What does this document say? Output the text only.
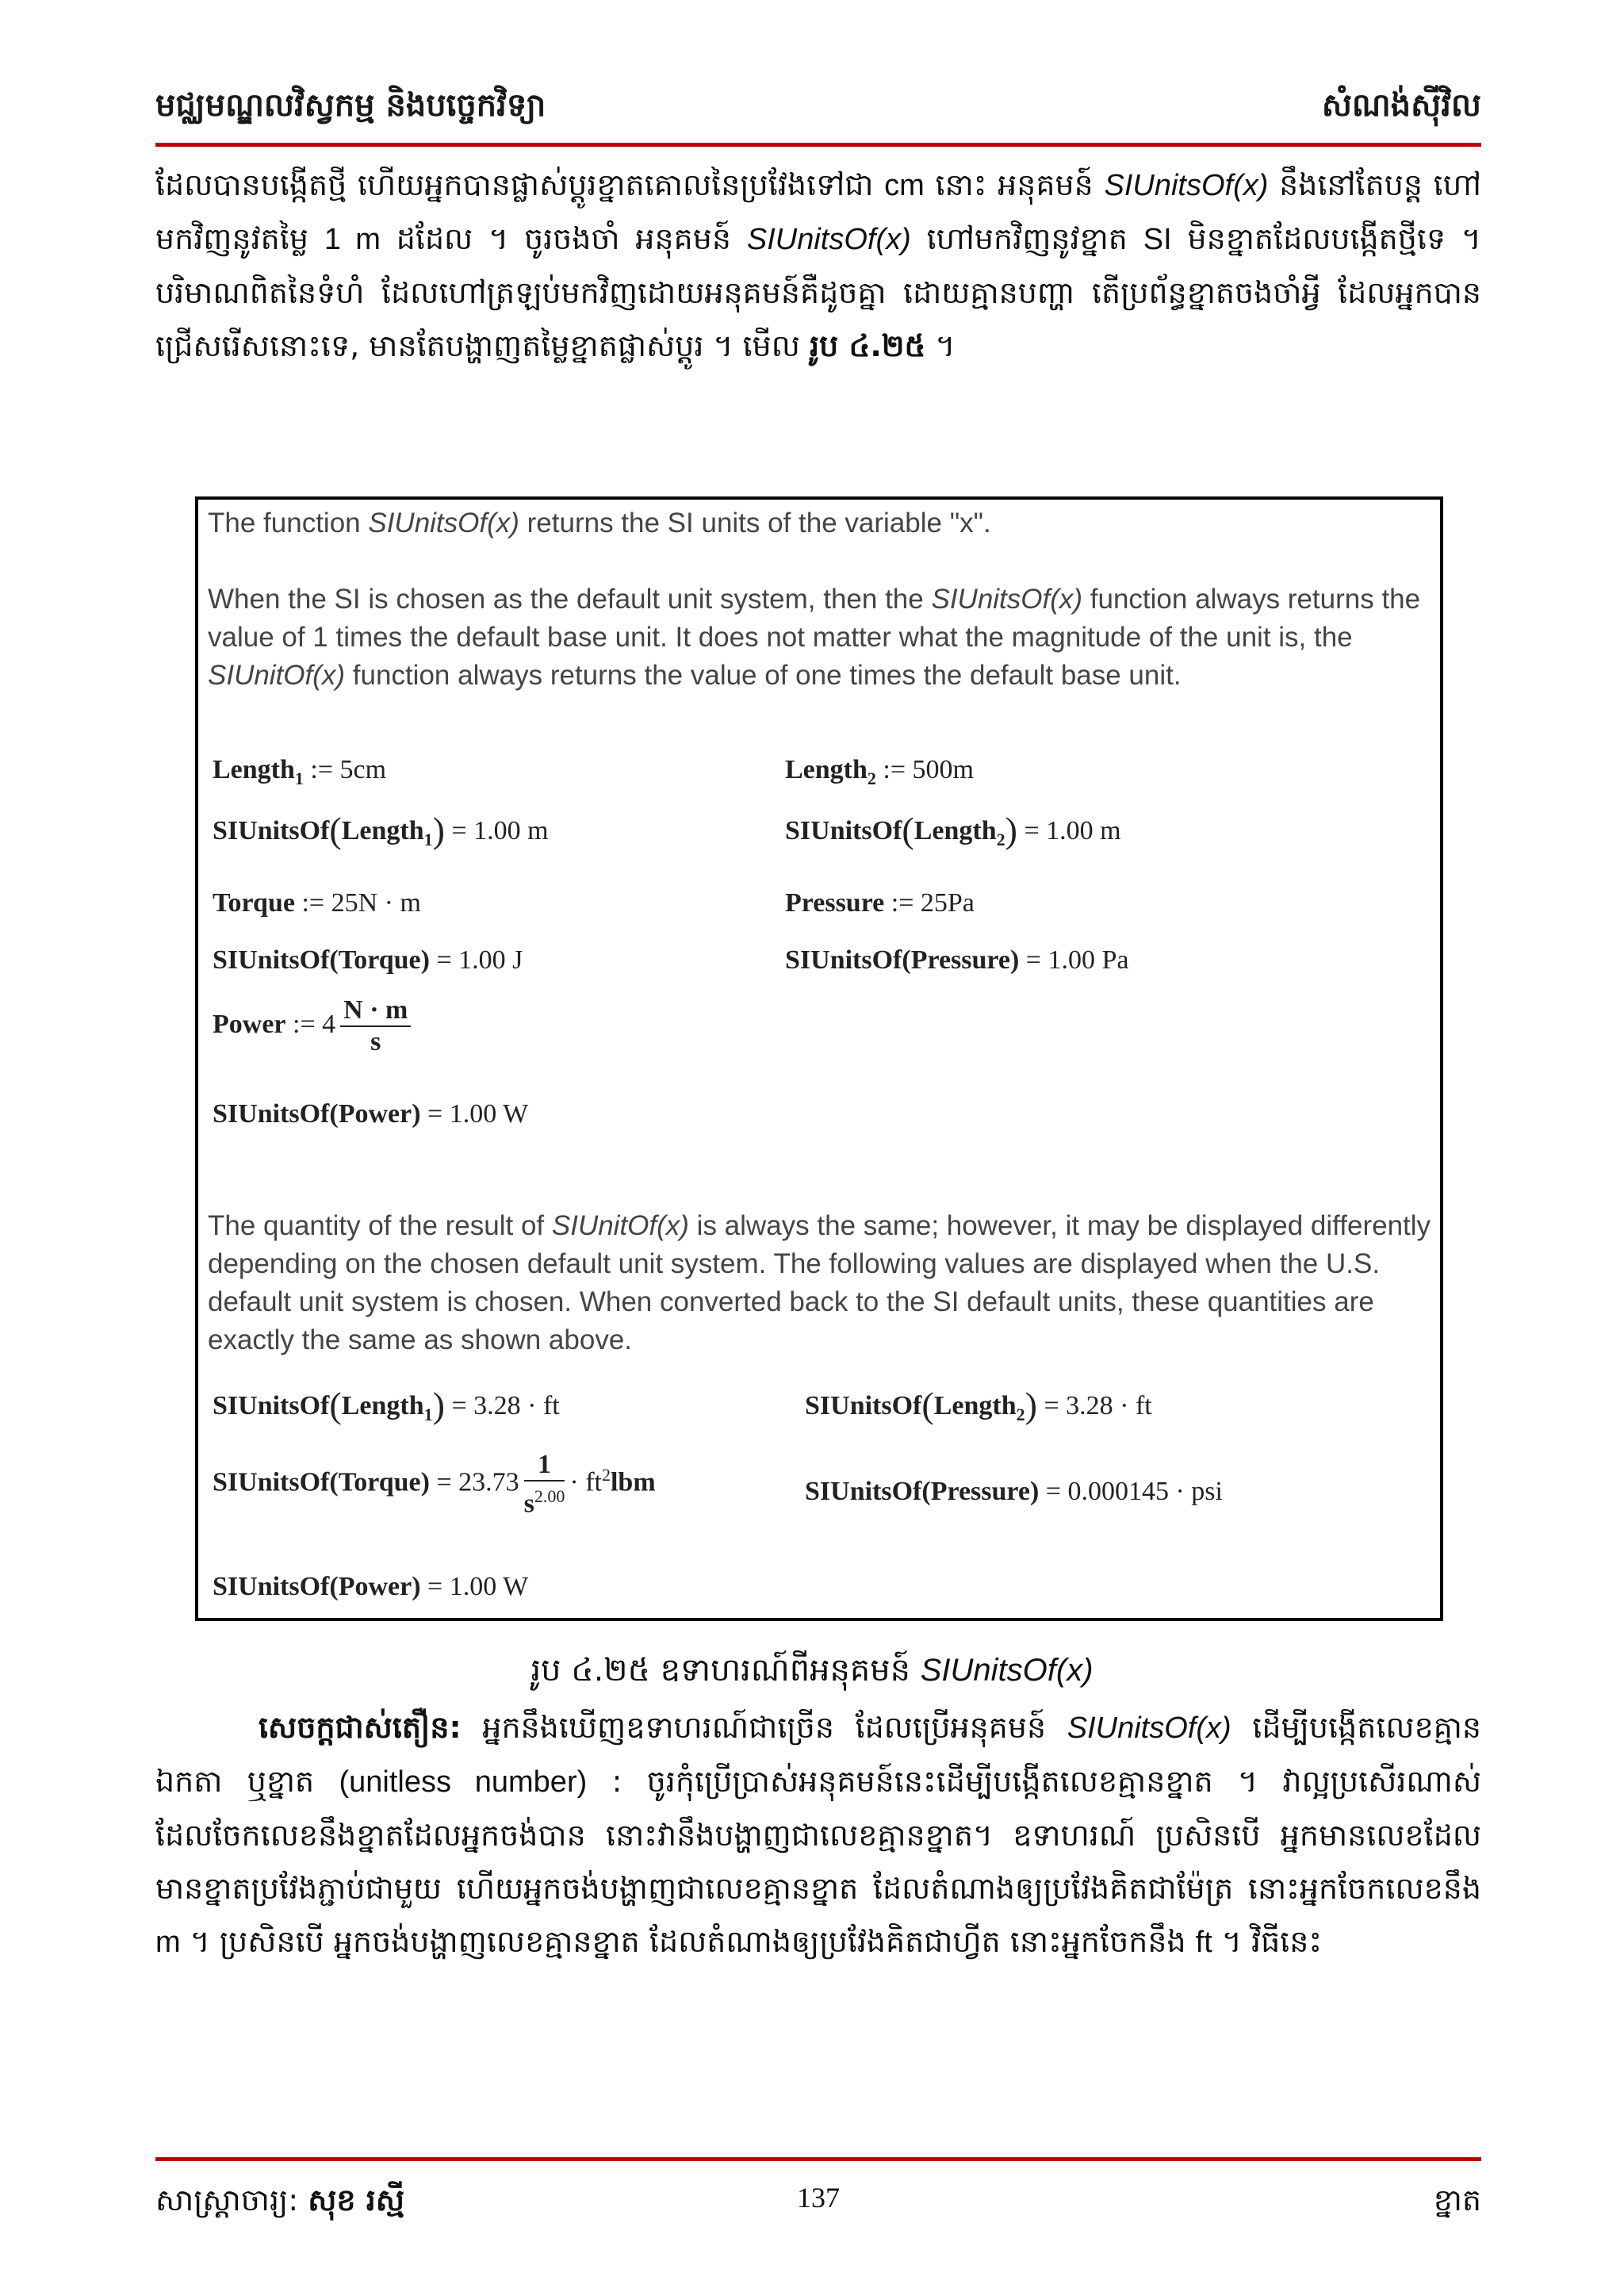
មជ្ឈមណ្ឌលវិស្វកម្ម និងបច្ចេកវិទ្យា	សំណង់ស៊ីវិល
ដែលបានបង្កើតថ្មី ហើយអ្នកបានផ្លាស់ប្តូរខ្នាតគោលនៃប្រវែងទៅជា cm នោះ អនុគមន៍ SIUnitsOf(x) នឹងនៅតែបន្ត ហៅមកវិញនូវតម្លៃ 1 m ដដែល ។ ចូរចងចាំ អនុគមន៍ SIUnitsOf(x) ហៅមកវិញនូវខ្នាត SI មិនខ្នាតដែលបង្កើតថ្មីទេ ។ បរិមាណពិតនៃទំហំ ដែលហៅត្រឡប់មកវិញដោយអនុគមន៍គឺដូចគ្នា ដោយគ្មានបញ្ហា តើប្រព័ន្ធខ្នាតចងចាំអ្វី ដែលអ្នកបានជ្រើសរើសនោះទេ, មានតែបង្ហាញតម្លៃខ្នាតផ្លាស់ប្តូរ ។ មើល រូប ៤.២៥ ។
The function SIUnitsOf(x) returns the SI units of the variable "x".
When the SI is chosen as the default unit system, then the SIUnitsOf(x) function always returns the value of 1 times the default base unit. It does not matter what the magnitude of the unit is, the SIUnitOf(x) function always returns the value of one times the default base unit.
Length$_1$ := 5cm	Length$_2$ := 500m
SIUnitsOf(Length$_1$) = 1.00 m	SIUnitsOf(Length$_2$) = 1.00 m
Torque := 25N · m	Pressure := 25Pa
SIUnitsOf(Torque) = 1.00 J	SIUnitsOf(Pressure) = 1.00 Pa
Power := $4 \frac{N \cdot m}{s}$
SIUnitsOf(Power) = 1.00 W
The quantity of the result of SIUnitOf(x) is always the same; however, it may be displayed differently depending on the chosen default unit system. The following values are displayed when the U.S. default unit system is chosen. When converted back to the SI default units, these quantities are exactly the same as shown above.
SIUnitsOf(Length$_1$) = 3.28 · ft	SIUnitsOf(Length$_2$) = 3.28 · ft
SIUnitsOf(Torque) = $23.73 \frac{1}{s^{2.00}} \cdot ft^2lbm$	SIUnitsOf(Pressure) = 0.000145 · psi
SIUnitsOf(Power) = 1.00 W
រូប ៤.២៥ ឧទាហរណ៍ពីអនុគមន៍ SIUnitsOf(x)
សេចក្តជាស់តឿន: អ្នកនឹងឃើញឧទាហរណ៍ជាច្រើន ដែលប្រើអនុគមន៍ SIUnitsOf(x) ដើម្បីបង្កើតលេខគ្មានឯកតា ឬខ្នាត (unitless number) : ចូរកុំប្រើប្រាស់អនុគមន៍នេះដើម្បីបង្កើតលេខគ្មានខ្នាត ។ វាល្អប្រសើរណាស់ ដែលចែកលេខនឹងខ្នាតដែលអ្នកចង់បាន នោះវានឹងបង្ហាញជាលេខគ្មានខ្នាត។ ឧទាហរណ៍ ប្រសិនបើ អ្នកមានលេខដែលមានខ្នាតប្រវែងភ្ជាប់ជាមួយ ហើយអ្នកចង់បង្ហាញជាលេខគ្មានខ្នាត ដែលតំណាងឲ្យប្រវែងគិតជាម៉ែត្រ នោះអ្នកចែកលេខនឹង m ។ ប្រសិនបើ អ្នកចង់បង្ហាញលេខគ្មានខ្នាត ដែលតំណាងឲ្យប្រវែងគិតជាហ្វីត នោះអ្នកចែកនឹង ft ។ វិធីនេះ
សាស្ត្រាចារ្យ: សុខ រស្មី	137	ខ្នាត
